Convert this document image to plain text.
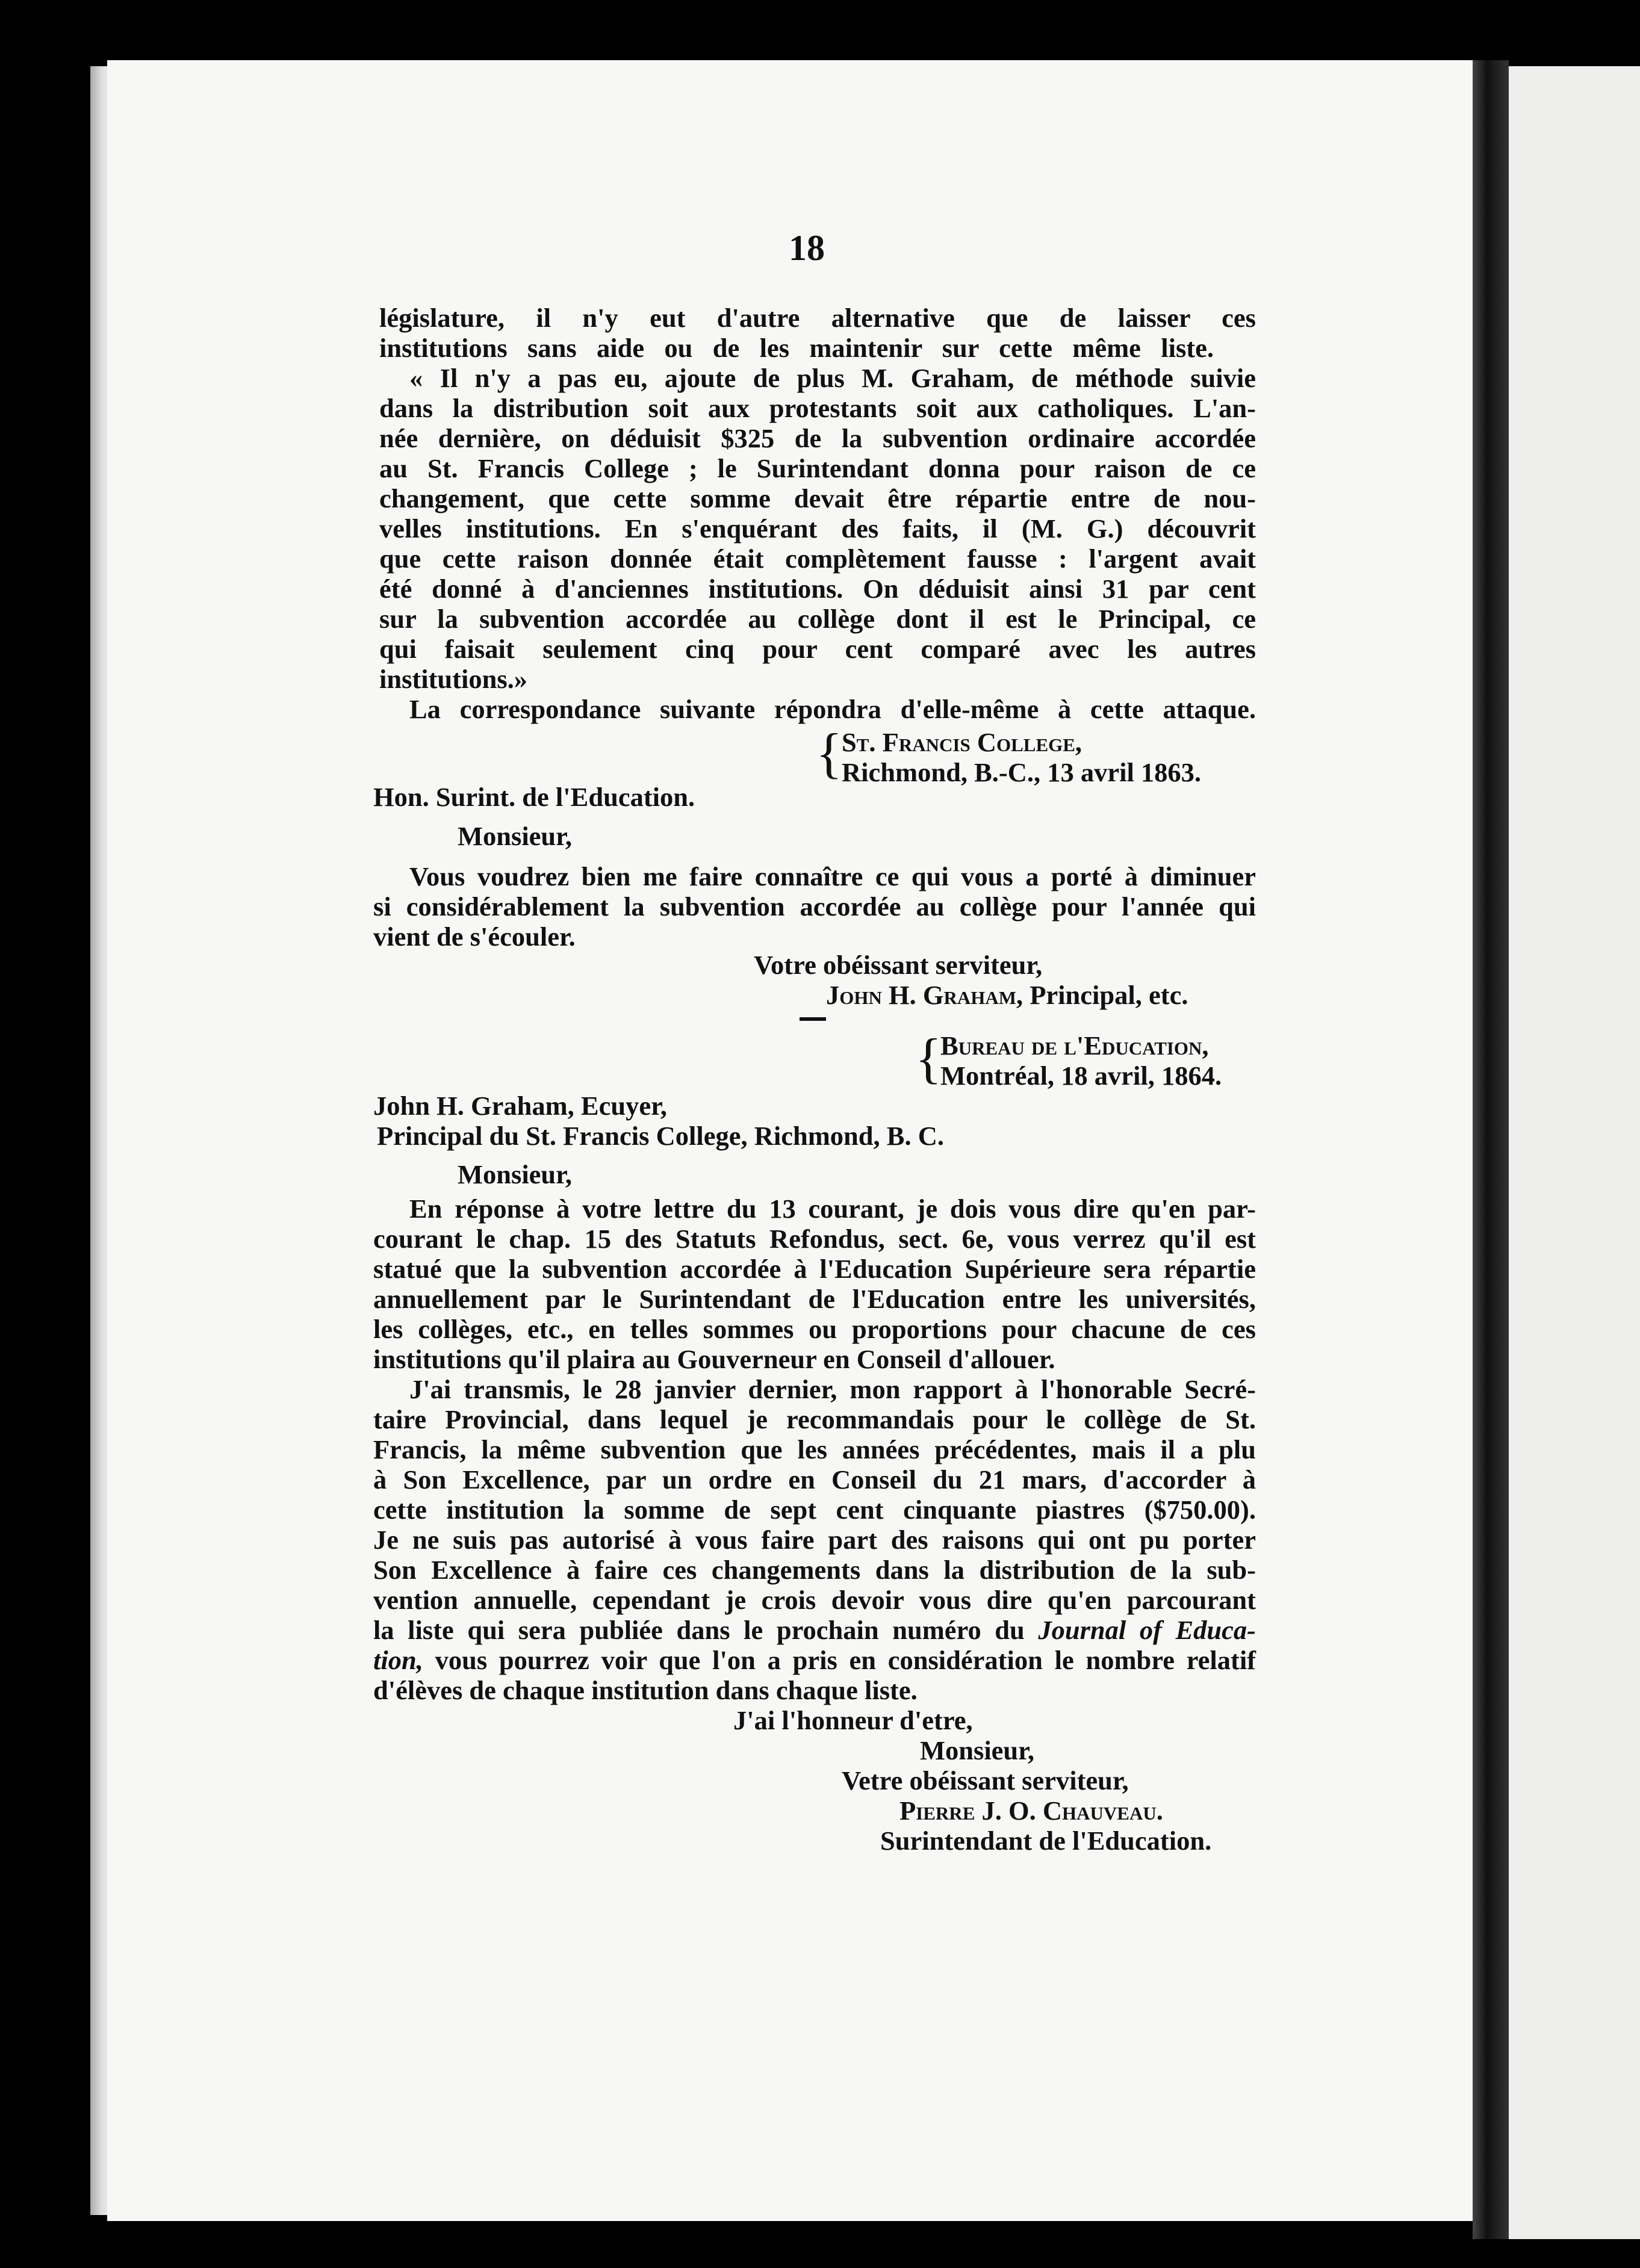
18
législature, il n'y eut d'autre alternative que de laisser ces
institutions sans aide ou de les maintenir sur cette même liste.
« Il n'y a pas eu, ajoute de plus M. Graham, de méthode suivie
dans la distribution soit aux protestants soit aux catholiques. L'an-
née dernière, on déduisit $325 de la subvention ordinaire accordée
au St. Francis College ; le Surintendant donna pour raison de ce
changement, que cette somme devait être répartie entre de nou-
velles institutions. En s'enquérant des faits, il (M. G.) découvrit
que cette raison donnée était complètement fausse : l'argent avait
été donné à d'anciennes institutions. On déduisit ainsi 31 par cent
sur la subvention accordée au collège dont il est le Principal, ce
qui faisait seulement cinq pour cent comparé avec les autres
institutions.»
La correspondance suivante répondra d'elle-même à cette attaque.
{
St. Francis College,
Richmond, B.-C., 13 avril 1863.
Hon. Surint. de l'Education.
Monsieur,
Vous voudrez bien me faire connaître ce qui vous a porté à diminuer
si considérablement la subvention accordée au collège pour l'année qui
vient de s'écouler.
Votre obéissant serviteur,
John H. Graham, Principal, etc.
{
Bureau de l'Education,
Montréal, 18 avril, 1864.
John H. Graham, Ecuyer,
Principal du St. Francis College, Richmond, B. C.
Monsieur,
En réponse à votre lettre du 13 courant, je dois vous dire qu'en par-
courant le chap. 15 des Statuts Refondus, sect. 6e, vous verrez qu'il est
statué que la subvention accordée à l'Education Supérieure sera répartie
annuellement par le Surintendant de l'Education entre les universités,
les collèges, etc., en telles sommes ou proportions pour chacune de ces
institutions qu'il plaira au Gouverneur en Conseil d'allouer.
J'ai transmis, le 28 janvier dernier, mon rapport à l'honorable Secré-
taire Provincial, dans lequel je recommandais pour le collège de St.
Francis, la même subvention que les années précédentes, mais il a plu
à Son Excellence, par un ordre en Conseil du 21 mars, d'accorder à
cette institution la somme de sept cent cinquante piastres ($750.00).
Je ne suis pas autorisé à vous faire part des raisons qui ont pu porter
Son Excellence à faire ces changements dans la distribution de la sub-
vention annuelle, cependant je crois devoir vous dire qu'en parcourant
la liste qui sera publiée dans le prochain numéro du Journal of Educa-
tion, vous pourrez voir que l'on a pris en considération le nombre relatif
d'élèves de chaque institution dans chaque liste.
J'ai l'honneur d'etre,
Monsieur,
Vetre obéissant serviteur,
Pierre J. O. Chauveau.
Surintendant de l'Education.
